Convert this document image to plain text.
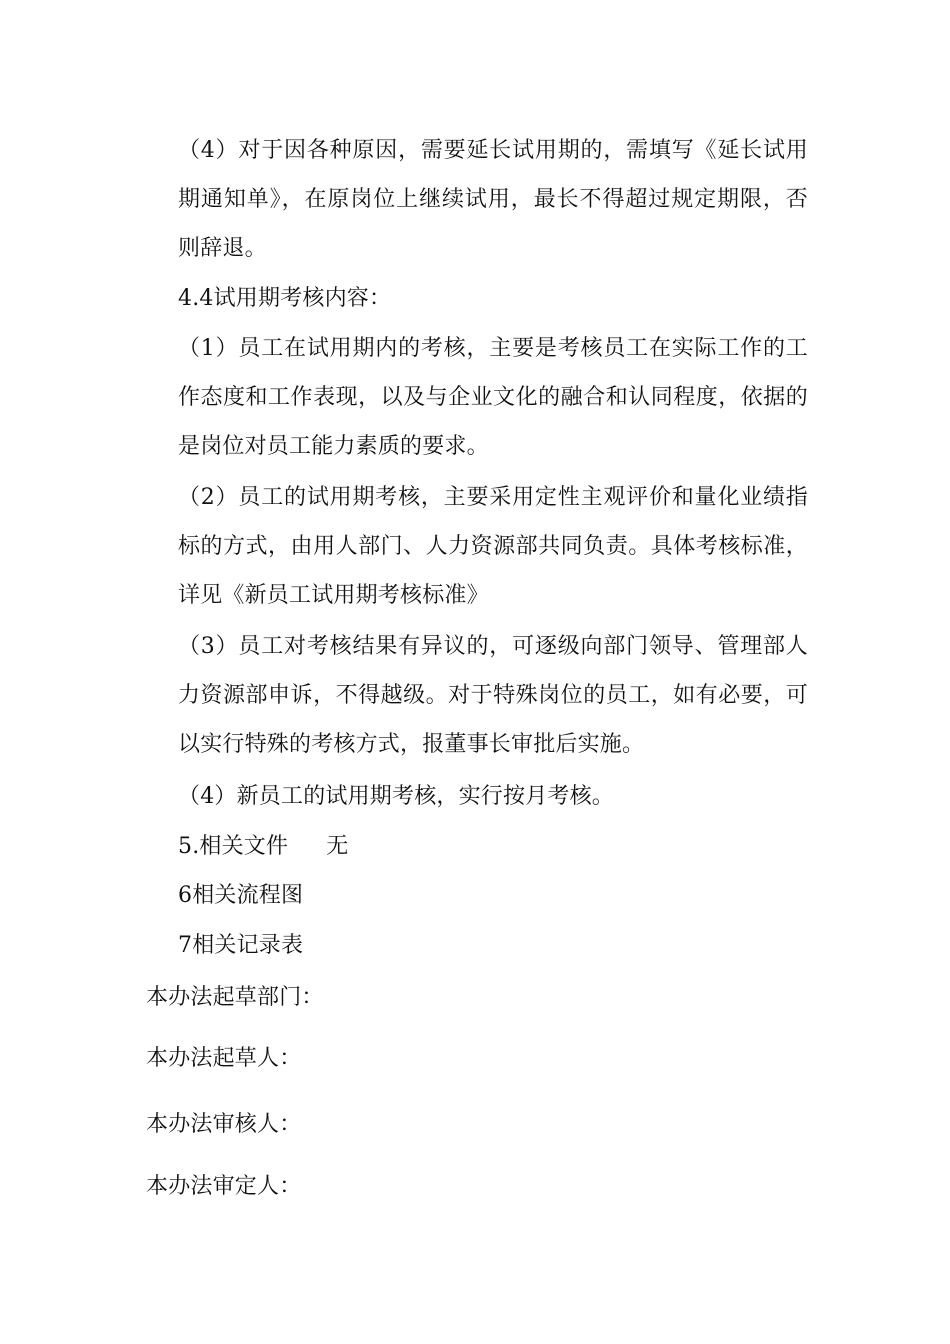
（4）对于因各种原因，需要延长试用期的，需填写《延长试用
期通知单》，在原岗位上继续试用，最长不得超过规定期限，否
则辞退。
4.4试用期考核内容：
（1）员工在试用期内的考核，主要是考核员工在实际工作的工
作态度和工作表现，以及与企业文化的融合和认同程度，依据的
是岗位对员工能力素质的要求。
（2）员工的试用期考核，主要采用定性主观评价和量化业绩指
标的方式，由用人部门、人力资源部共同负责。具体考核标准，
详见《新员工试用期考核标准》
（3）员工对考核结果有异议的，可逐级向部门领导、管理部人
力资源部申诉，不得越级。对于特殊岗位的员工，如有必要，可
以实行特殊的考核方式，报董事长审批后实施。
（4）新员工的试用期考核，实行按月考核。
5.相关文件 无
6相关流程图
7相关记录表
本办法起草部门：
本办法起草人：
本办法审核人：
本办法审定人：
